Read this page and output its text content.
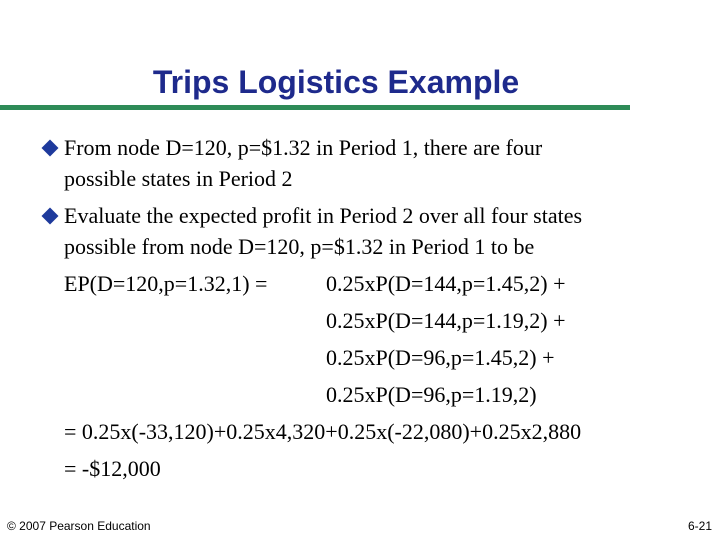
Trips Logistics Example
From node D=120, p=$1.32 in Period 1, there are four
possible states in Period 2
Evaluate the expected profit in Period 2 over all four states
possible from node D=120, p=$1.32 in Period 1 to be
EP(D=120,p=1.32,1) =	0.25xP(D=144,p=1.45,2) +
0.25xP(D=144,p=1.19,2) +
0.25xP(D=96,p=1.45,2) +
0.25xP(D=96,p=1.19,2)
= 0.25x(-33,120)+0.25x4,320+0.25x(-22,080)+0.25x2,880
= -$12,000
© 2007 Pearson Education	6-21
